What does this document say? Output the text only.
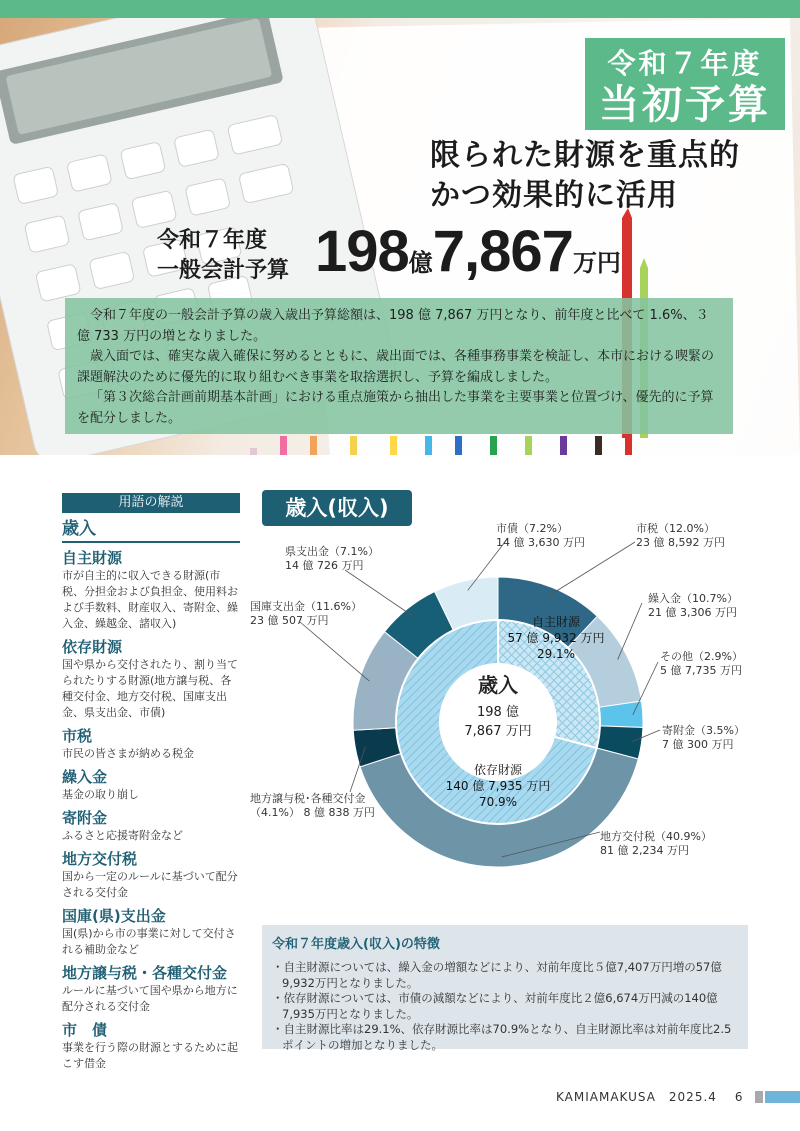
令和７年度
当初予算
限られた財源を重点的
かつ効果的に活用
令和７年度
一般会計予算 198億7,867万円

令和７年度の一般会計予算の歳入歳出予算総額は、198 億 7,867 万円となり、前年度と比べて 1.6%、３億 733 万円の増となりました。

歳入面では、確実な歳入確保に努めるとともに、歳出面では、各種事務事業を検証し、本市における喫緊の課題解決のために優先的に取り組むべき事業を取捨選択し、予算を編成しました。

「第３次総合計画前期基本計画」における重点施策から抽出した事業を主要事業と位置づけ、優先的に予算を配分しました。

用語の解説
歳入
自主財源
市が自主的に収入できる財源(市税、分担金および負担金、使用料および手数料、財産収入、寄附金、繰入金、繰越金、諸収入)
依存財源
国や県から交付されたり、割り当てられたりする財源(地方譲与税、各種交付金、地方交付税、国庫支出金、県支出金、市債)
市税
市民の皆さまが納める税金
繰入金
基金の取り崩し
寄附金
ふるさと応援寄附金など
地方交付税
国から一定のルールに基づいて配分される交付金
国庫(県)支出金
国(県)から市の事業に対して交付される補助金など
地方譲与税・各種交付金
ルールに基づいて国や県から地方に配分される交付金
市　債
事業を行う際の財源とするために起こす借金
歳入
198 億
7,867 万円
自主財源
57 億 9,932 万円
29.1%
依存財源
140 億 7,935 万円
70.9%
歳入(収入)
市債（7.2%）
14 億 3,630 万円
市税（12.0%）
23 億 8,592 万円
県支出金（7.1%）
14 億 726 万円
繰入金（10.7%）
21 億 3,306 万円
国庫支出金（11.6%）
23 億 507 万円
その他（2.9%）
5 億 7,735 万円
寄附金（3.5%）
7 億 300 万円
地方譲与税･各種交付金
（4.1%） 8 億 838 万円
地方交付税（40.9%）
81 億 2,234 万円
令和７年度歳入(収入)の特徴
・自主財源については、繰入金の増額などにより、対前年度比５億7,407万円増の57億9,932万円となりました。
・依存財源については、市債の減額などにより、対前年度比２億6,674万円減の140億7,935万円となりました。
・自主財源比率は29.1%、依存財源比率は70.9%となり、自主財源比率は対前年度比2.5ポイントの増加となりました。
KAMIAMAKUSA　2025.4 6
